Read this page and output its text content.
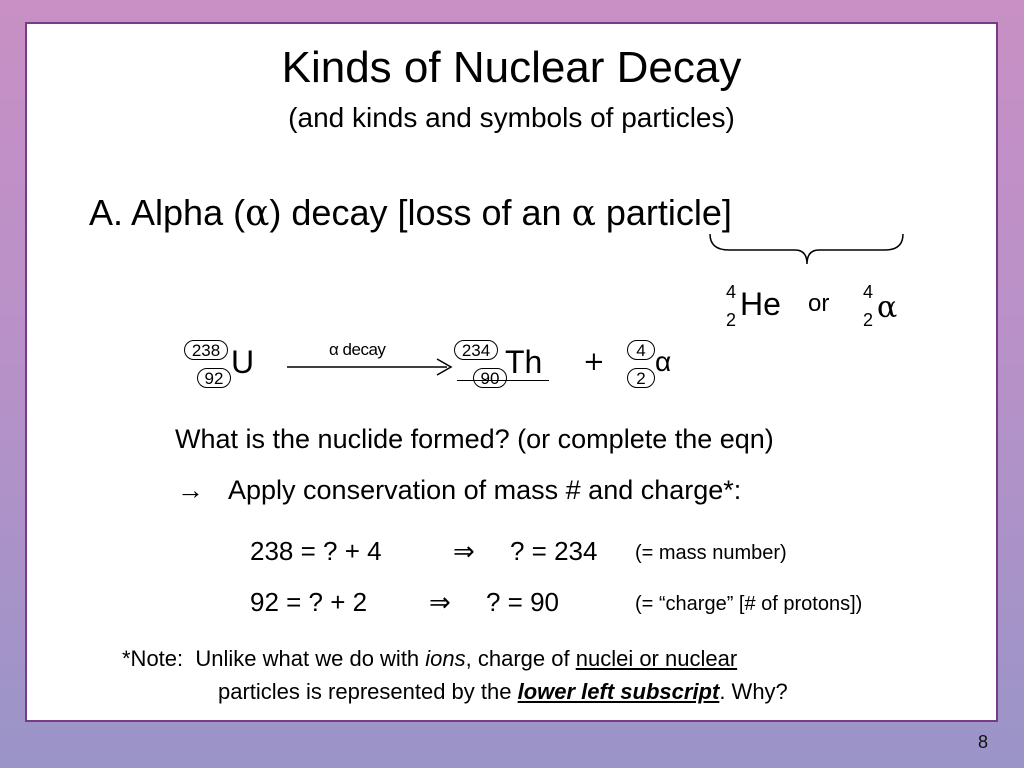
Kinds of Nuclear Decay
(and kinds and symbols of particles)
A. Alpha (α) decay [loss of an α particle]
4
2 He or 4
2 α
238
92 U	α decay	234
90 Th +	4
2
α
What is the nuclide formed? (or complete the eqn)
→ Apply conservation of mass # and charge*:
238 = ? + 4	⇒ ? = 234 (= mass number)
92 = ? + 2 ⇒ ? = 90	(= “charge” [# of protons])
*Note: Unlike what we do with ions, charge of nuclei or nuclear
particles is represented by the lower left subscript. Why?
8
